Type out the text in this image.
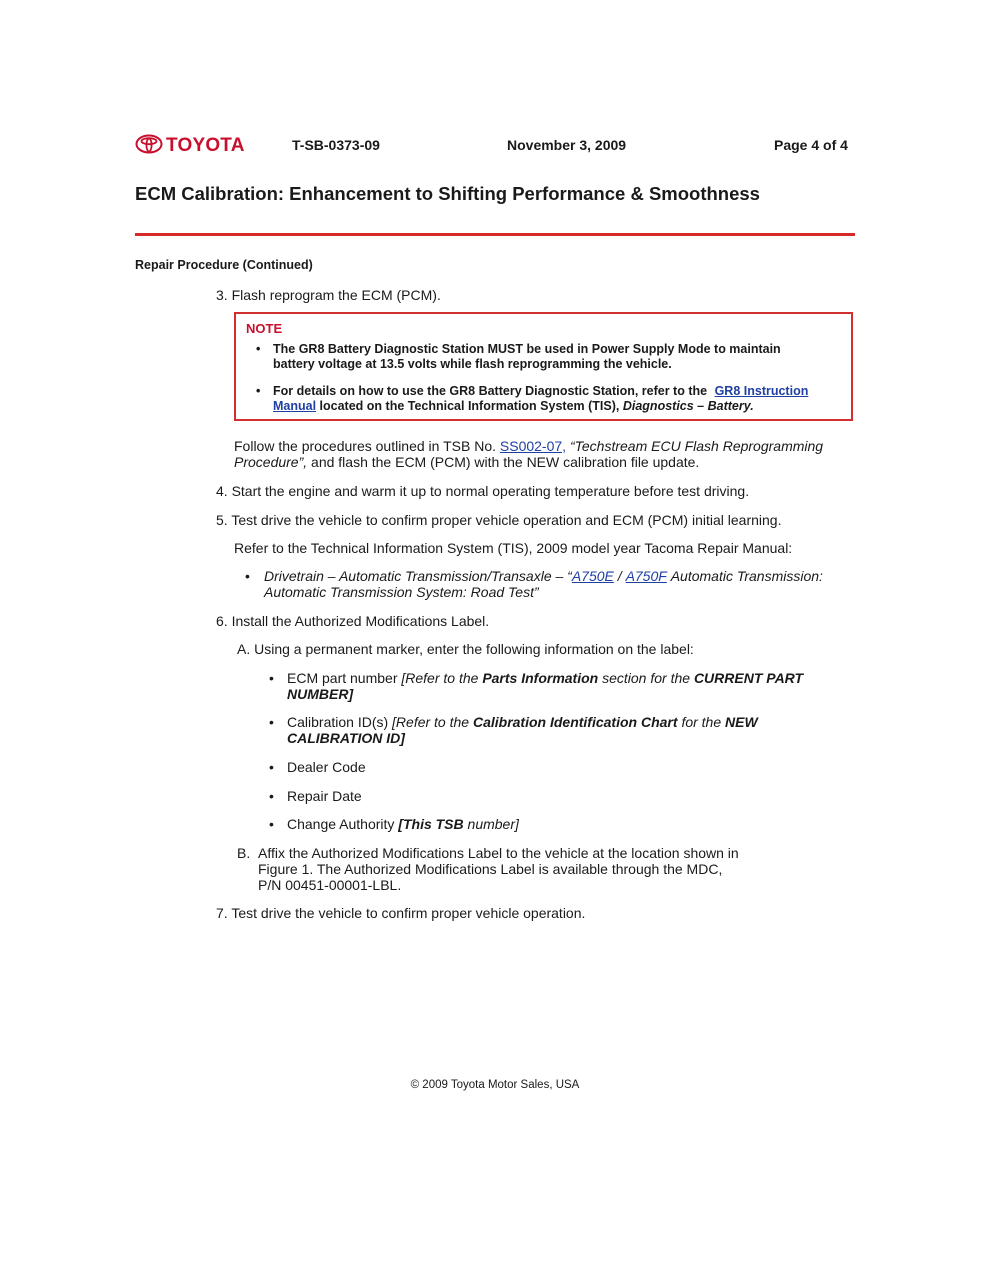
TOYOTA	T-SB-0373-09	November 3, 2009	Page 4 of 4
ECM Calibration: Enhancement to Shifting Performance & Smoothness
Repair Procedure (Continued)
3. Flash reprogram the ECM (PCM).
NOTE
• The GR8 Battery Diagnostic Station MUST be used in Power Supply Mode to maintain
battery voltage at 13.5 volts while flash reprogramming the vehicle.
• For details on how to use the GR8 Battery Diagnostic Station, refer to the GR8 Instruction
Manual located on the Technical Information System (TIS), Diagnostics – Battery.
Follow the procedures outlined in TSB No. SS002-07, “Techstream ECU Flash Reprogramming
Procedure”, and flash the ECM (PCM) with the NEW calibration file update.
4. Start the engine and warm it up to normal operating temperature before test driving.
5. Test drive the vehicle to confirm proper vehicle operation and ECM (PCM) initial learning.
Refer to the Technical Information System (TIS), 2009 model year Tacoma Repair Manual:
• Drivetrain – Automatic Transmission/Transaxle – “A750E / A750F Automatic Transmission:
Automatic Transmission System: Road Test”
6. Install the Authorized Modifications Label.
A. Using a permanent marker, enter the following information on the label:
• ECM part number [Refer to the Parts Information section for the CURRENT PART
NUMBER]
• Calibration ID(s) [Refer to the Calibration Identification Chart for the NEW
CALIBRATION ID]
• Dealer Code
• Repair Date
• Change Authority [This TSB number]
B. Affix the Authorized Modifications Label to the vehicle at the location shown in
Figure 1. The Authorized Modifications Label is available through the MDC,
P/N 00451-00001-LBL.
7. Test drive the vehicle to confirm proper vehicle operation.
© 2009 Toyota Motor Sales, USA
